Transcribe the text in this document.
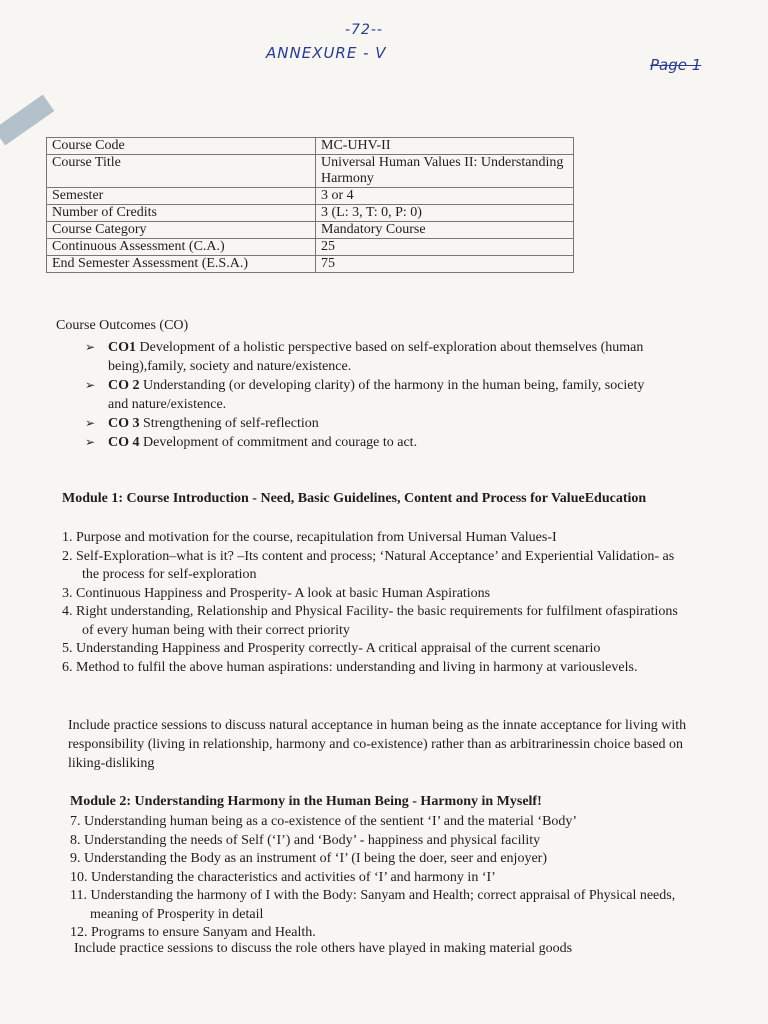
-72--
ANNEXURE - V
Page 1
Course Code	MC-UHV-II
Course Title	Universal Human Values II: Understanding Harmony
Semester	3 or 4
Number of Credits	3 (L: 3, T: 0, P: 0)
Course Category	Mandatory Course
Continuous Assessment (C.A.)	25
End Semester Assessment (E.S.A.)	75
Course Outcomes (CO)
➢ CO1 Development of a holistic perspective based on self-exploration about themselves (human being),family, society and nature/existence.
➢ CO 2 Understanding (or developing clarity) of the harmony in the human being, family, society and nature/existence.
➢ CO 3 Strengthening of self-reflection
➢ CO 4 Development of commitment and courage to act.
Module 1: Course Introduction - Need, Basic Guidelines, Content and Process for ValueEducation
1. Purpose and motivation for the course, recapitulation from Universal Human Values-I
2. Self-Exploration–what is it? –Its content and process; ‘Natural Acceptance’ and Experiential Validation- as the process for self-exploration
3. Continuous Happiness and Prosperity- A look at basic Human Aspirations
4. Right understanding, Relationship and Physical Facility- the basic requirements for fulfilment ofaspirations of every human being with their correct priority
5. Understanding Happiness and Prosperity correctly- A critical appraisal of the current scenario
6. Method to fulfil the above human aspirations: understanding and living in harmony at variouslevels.
Include practice sessions to discuss natural acceptance in human being as the innate acceptance for living with responsibility (living in relationship, harmony and co-existence) rather than as arbitrarinessin choice based on liking-disliking
Module 2: Understanding Harmony in the Human Being - Harmony in Myself!
7. Understanding human being as a co-existence of the sentient ‘I’ and the material ‘Body’
8. Understanding the needs of Self (‘I’) and ‘Body’ - happiness and physical facility
9. Understanding the Body as an instrument of ‘I’ (I being the doer, seer and enjoyer)
10. Understanding the characteristics and activities of ‘I’ and harmony in ‘I’
11. Understanding the harmony of I with the Body: Sanyam and Health; correct appraisal of Physical needs, meaning of Prosperity in detail
12. Programs to ensure Sanyam and Health.
Include practice sessions to discuss the role others have played in making material goods
